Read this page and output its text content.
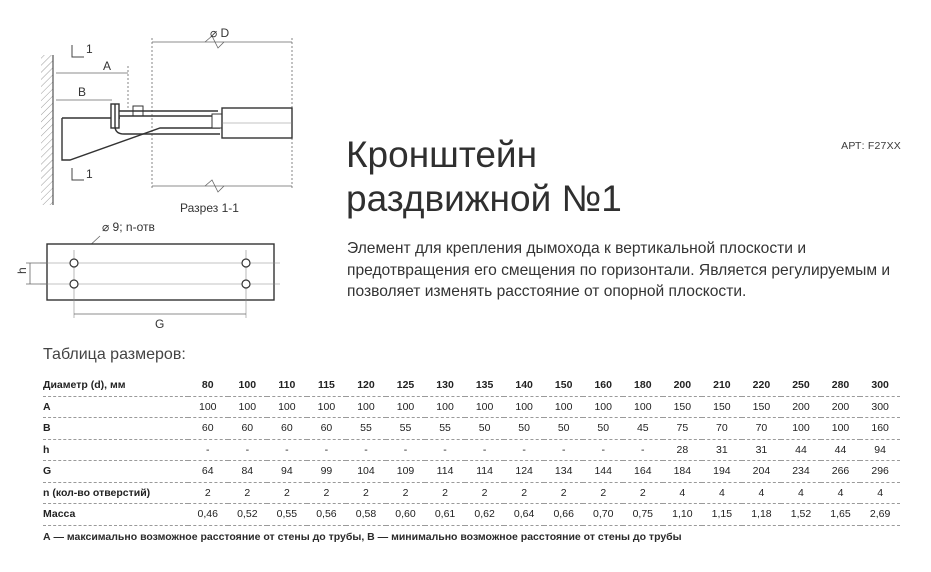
1
1
A
B
⌀ D
Разрез 1-1
⌀ 9; n-отв
h
G
АРТ: F27XX
Кронштейн
раздвижной №1

Элемент для крепления дымохода к вертикальной плоскости и предотвращения его смещения по горизонтали. Является регулируемым и позволяет изменять расстояние от опорной плоскости.

Таблица размеров:
Диаметр (d), мм	80	100	110	115	120	125	130	135	140	150	160	180	200	210	220	250	280	300
A	100	100	100	100	100	100	100	100	100	100	100	100	150	150	150	200	200	300
B	60	60	60	60	55	55	55	50	50	50	50	45	75	70	70	100	100	160
h	-	-	-	-	-	-	-	-	-	-	-	-	28	31	31	44	44	94
G	64	84	94	99	104	109	114	114	124	134	144	164	184	194	204	234	266	296
n (кол-во отверстий)	2	2	2	2	2	2	2	2	2	2	2	2	4	4	4	4	4	4
Масса	0,46	0,52	0,55	0,56	0,58	0,60	0,61	0,62	0,64	0,66	0,70	0,75	1,10	1,15	1,18	1,52	1,65	2,69

А — максимально возможное расстояние от стены до трубы, В — минимально возможное расстояние от стены до трубы
